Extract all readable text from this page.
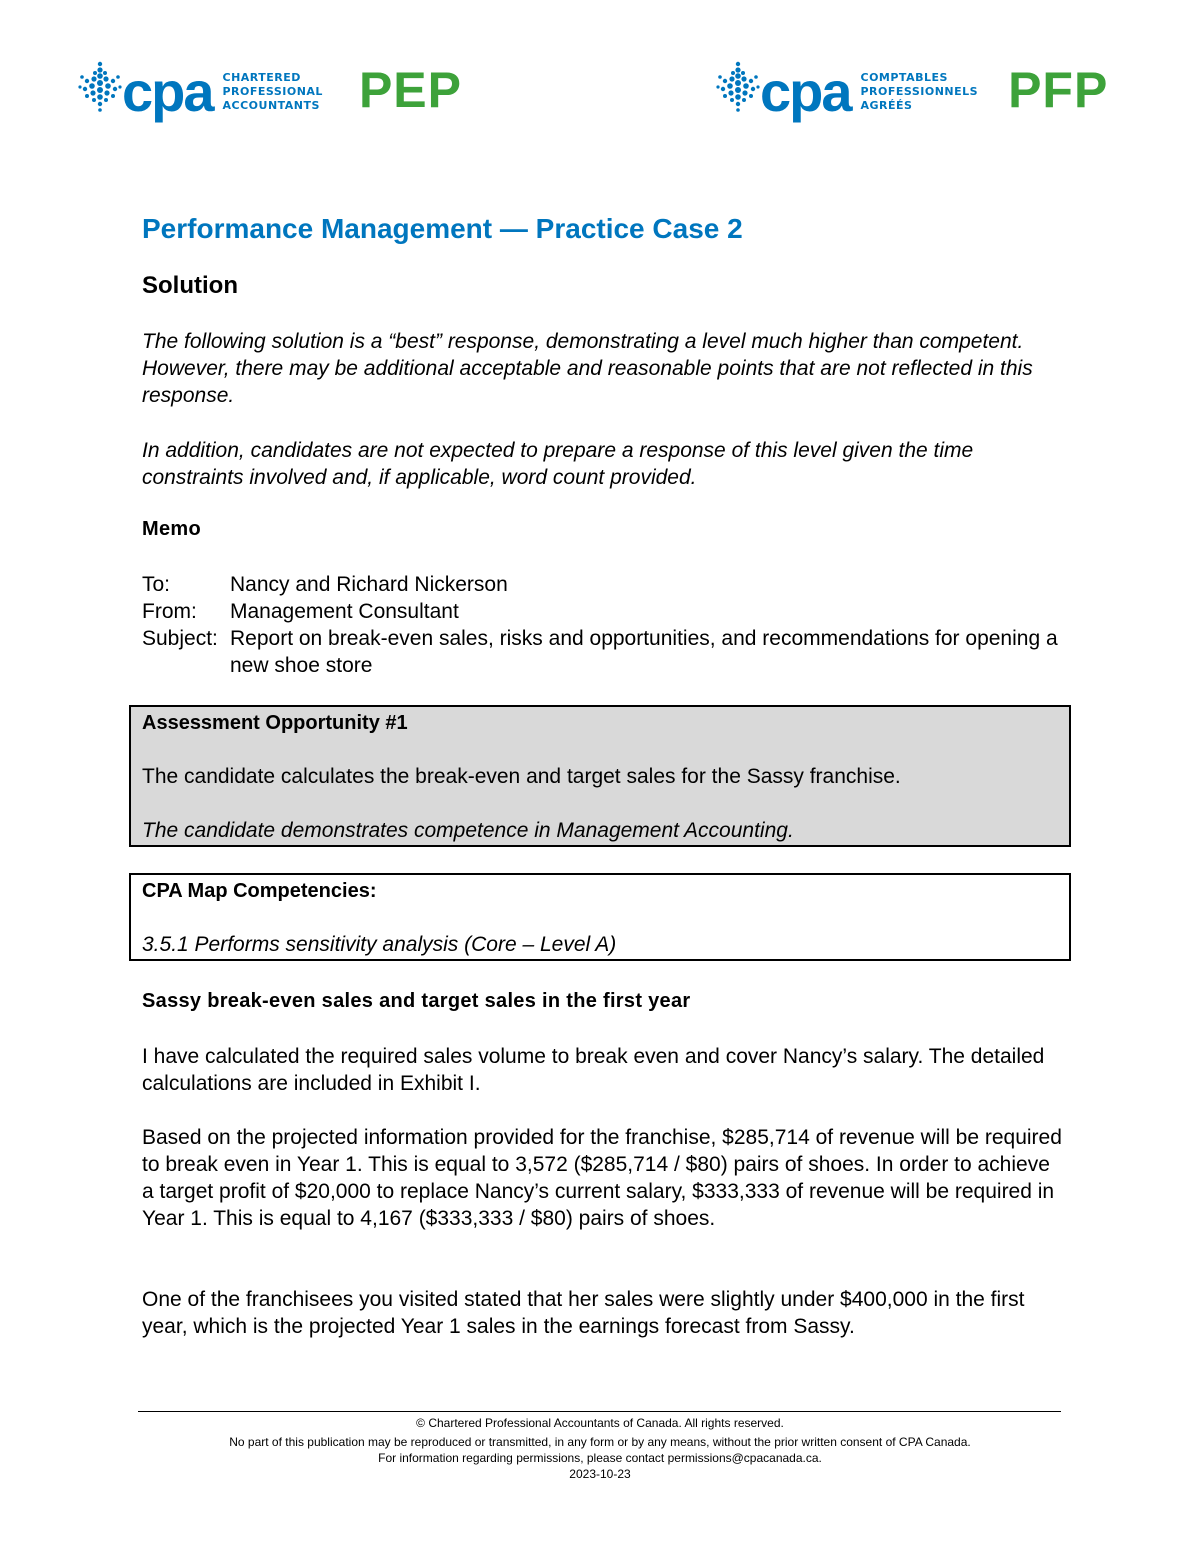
cpa CHARTERED
PROFESSIONAL
ACCOUNTANTS PEP	cpa COMPTABLES
PROFESSIONNELS
AGRÉÉS	PFP
Performance Management — Practice Case 2
Solution
The following solution is a “best” response, demonstrating a level much higher than competent. However, there may be additional acceptable and reasonable points that are not reflected in this response.
In addition, candidates are not expected to prepare a response of this level given the time constraints involved and, if applicable, word count provided.
Memo
To:	Nancy and Richard Nickerson
From: Management Consultant
Subject: Report on break-even sales, risks and opportunities, and recommendations for opening a new shoe store
Assessment Opportunity #1
The candidate calculates the break-even and target sales for the Sassy franchise.
The candidate demonstrates competence in Management Accounting.
CPA Map Competencies:
3.5.1 Performs sensitivity analysis (Core – Level A)
Sassy break-even sales and target sales in the first year
I have calculated the required sales volume to break even and cover Nancy’s salary. The detailed calculations are included in Exhibit I.
Based on the projected information provided for the franchise, $285,714 of revenue will be required to break even in Year 1. This is equal to 3,572 ($285,714 / $80) pairs of shoes. In order to achieve a target profit of $20,000 to replace Nancy’s current salary, $333,333 of revenue will be required in Year 1. This is equal to 4,167 ($333,333 / $80) pairs of shoes.
One of the franchisees you visited stated that her sales were slightly under $400,000 in the first year, which is the projected Year 1 sales in the earnings forecast from Sassy.
© Chartered Professional Accountants of Canada. All rights reserved.
No part of this publication may be reproduced or transmitted, in any form or by any means, without the prior written consent of CPA Canada.
For information regarding permissions, please contact permissions@cpacanada.ca.
2023-10-23
